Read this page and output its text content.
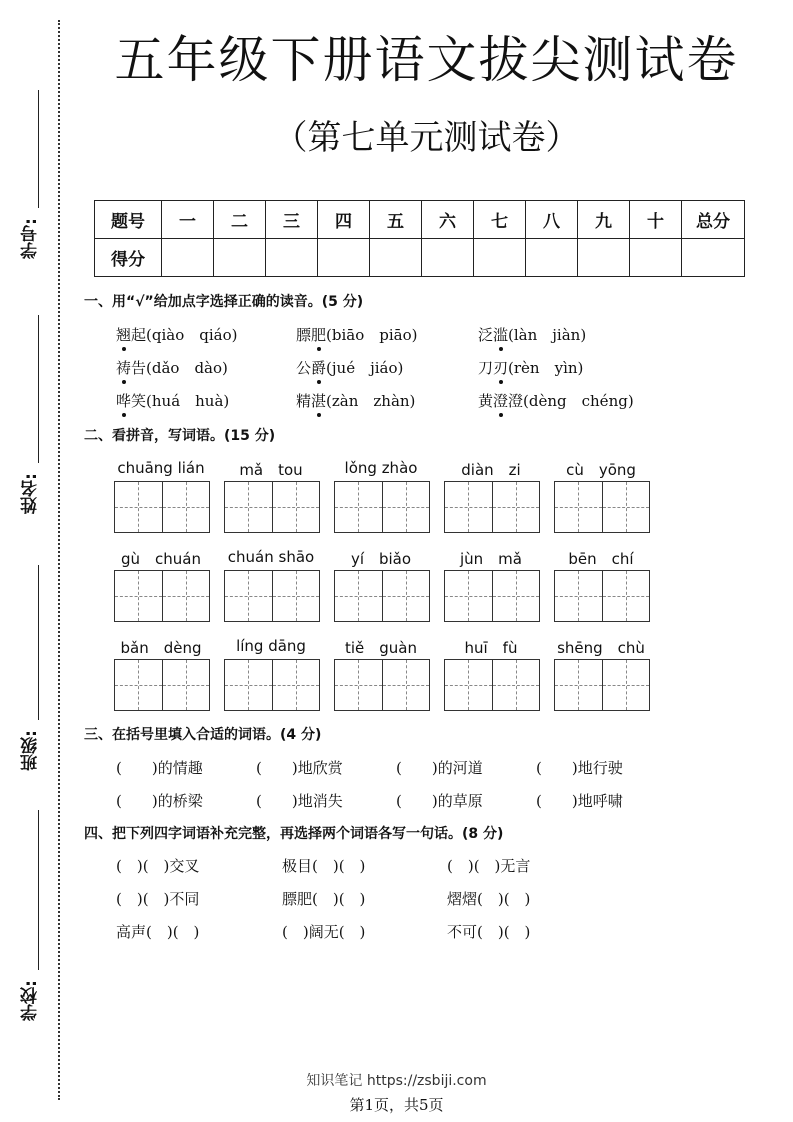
学号:
姓名:
班级:
学校:
五年级下册语文拔尖测试卷
（第七单元测试卷）
题号	一	二	三	四	五	六	七	八	九	十	总分
得分											
一、用“√”给加点字选择正确的读音。(5 分)
翘起(qiào　qiáo)	膘肥(biāo　piāo)	泛滥(làn　jiàn)
祷告(dǎo　dào)	公爵(jué　jiáo)	刀刃(rèn　yìn)
哗笑(huá　huà)	精湛(zàn　zhàn)	黄澄澄(dèng　chéng)
二、看拼音，写词语。(15 分)
chuāng lián	mǎ　tou	lǒng zhào	diàn　zi	cù　yōng
gù　chuán	chuán shāo	yí　biǎo	jùn　mǎ	bēn　chí
bǎn　dèng	líng dāng	tiě　guàn	huī　fù	shēng　chù
三、在括号里填入合适的词语。(4 分)
(　　)的情趣	(　　)地欣赏	(　　)的河道	(　　)地行驶
(　　)的桥梁	(　　)地消失	(　　)的草原	(　　)地呼啸
四、把下列四字词语补充完整，再选择两个词语各写一句话。(8 分)
(　)(　)交叉	极目(　)(　)	(　)(　)无言
(　)(　)不同	膘肥(　)(　)	熠熠(　)(　)
高声(　)(　)	(　)阔无(　)	不可(　)(　)
知识笔记 https://zsbiji.com
第1页，共5页
